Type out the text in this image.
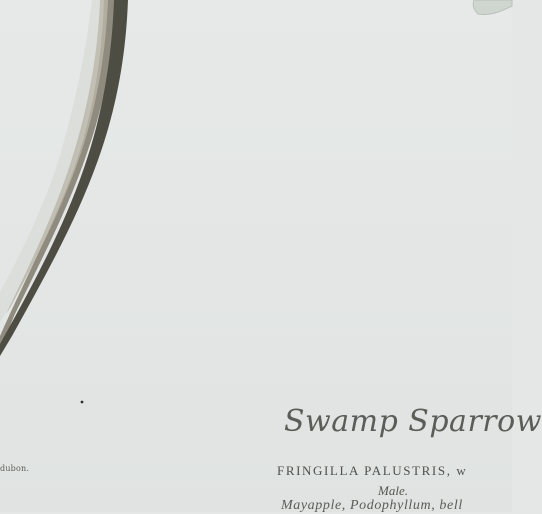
dubon.
Swamp Sparrow
FRINGILLA PALUSTRIS, w
Male.
Mayapple, Podophyllum, bell
